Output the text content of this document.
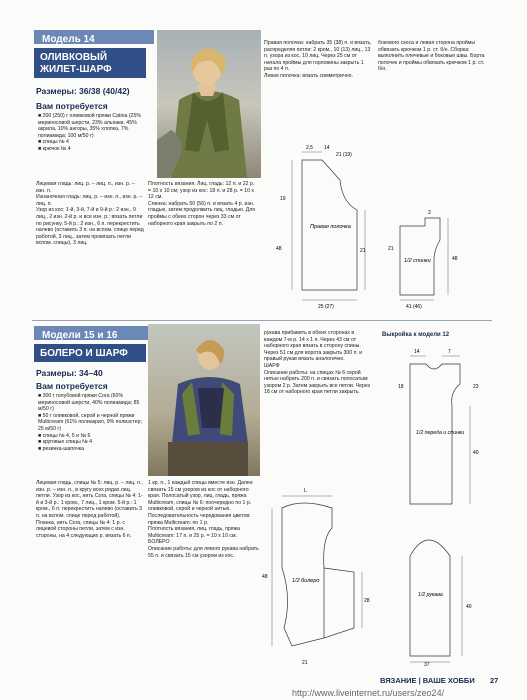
Модель 14
ОЛИВКОВЫЙ ЖИЛЕТ-ШАРФ
Размеры: 36/38 (40/42)
Вам потребуется
■ 200 (250) г оливковой пряжи Catina (25% мериносовой шерсти, 23% альпаки, 45% акрила, 10% ангоры, 35% хлопка, 7% полиамида; 100 м/50 г)
■ спицы № 4
■ крючок № 4
Лицевая гладь: лиц. р. – лиц. п., изн. р. – изн. п.
Изнаночная гладь: лиц. р. – изн. п., изн. р. – лиц. п.
Узор из кос: 1-й, 3-й, 7-й и 9-й р.: 2 изн., 9 лиц., 2 изн. 2-й р. и все изн. р.: вязать петли по рисунку. 5-й р.: 2 изн., 6 п. перекрестить налево (оставить 3 п. на вспом. спице перед работой, 3 лиц., затем провязать петли вспом. спицы), 3 лиц.
Плотность вязания. Лиц. гладь: 12 п. и 22 р. = 10 х 10 см; узор из кос: 18 п. и 28 р. = 10 х 12 см.
Спинка: набрать 50 (56) п. и вязать 4 р. изн. гладью, затем продолжить лиц. гладью. Для проймы с обеих сторон через 33 см от наборного края закрыть по 2 п.
Правая полочка: набрать 35 (38) п. и вязать, распределяя петли: 2 кром., 10 (13) лиц., 13 п. узора из кос, 10 лиц. Через 25 см от начала проймы для горловины закрыть 1 раз по 4 п.
Левая полочка: вязать симметрично.
бокового скоса и левая сторона проймы обвязать крючком 1 р. ст. б/н. Сборка: выполнить плечевые и боковые швы. Борта полочек и проймы обвязать крючком 1 р. ст. б/н.
2,5 14
21 (19)
19
48
Правая полочка
25 (27)
21
2
1/2 спинки
21
41 (46)
48
Модели 15 и 16
БОЛЕРО И ШАРФ
Размеры: 34–40
Вам потребуется
■ 300 г голубовой пряжи Cora (60% мериносовой шерсти, 40% полиамида; 85 м/50 г)
■ 50 г оливковой, серой и черной пряжи Multicream (61% полиакрил, 9% полиэстер; 25 м/50 г)
■ спицы № 4, 5 и № 6
■ круговые спицы № 4
■ резинка-шапочка
Лицевая гладь, спицы № 5: лиц. р. – лиц. п., изн. р. – изн. п., в кругу всех рядах лиц. петли. Узор из кос, нить Cora, спицы № 4: 1-й и 3-й р.: 1 кром., 7 лиц., 1 кром. 5-й р.: 1 кром., 6 п. перекрестить налево (оставить 3 п. на вспом. спице перед работой).
Планка, нить Cora, спицы № 4: 1 р. с лицевой стороны петли, затем с изн. стороны, на 4 следующих р. вязать 6 п.
1 кр. п., 1 каждый спицы вместе изн. Далее связать 15 см узором из кос от наборного края. Полосатый узор, лиц. гладь, пряжа Multicream, спицы № 6: поочередно по 1 р. оливковой, серой и черной нитью.
Последовательность чередования цветов: пряжа Multicream: по 1 р.
Плотность вязания, лиц. гладь, пряжа Multicream: 17 п. и 25 р. = 10 х 10 см.
БОЛЕРО
Описание работы: для левого рукава набрать 55 п. и связать 15 см узором из кос.
рукава прибавить в обеих сторонах в каждом 7-м р. 14 х 1 п. Через 43 см от наборного края вязать в сторону спины. Через 51 см для ворота закрыть 300 п. и правый рукав вязать аналогично.
ШАРФ
Описание работы: на спицах № 6 серой нитью набрать 200 п. и связать полосатым узором 2 р. Затем закрыть все петли. Через 18 см от наборного края петли закрыть.
L
1/2 болеро
48
28
21
Выкройка к модели 12
14	7
1/2 переда и спинки
40
23
18
1/2 рукава
40
37
ВЯЗАНИЕ | ВАШЕ ХОББИ 27
http://www.liveinternet.ru/users/zeo24/
